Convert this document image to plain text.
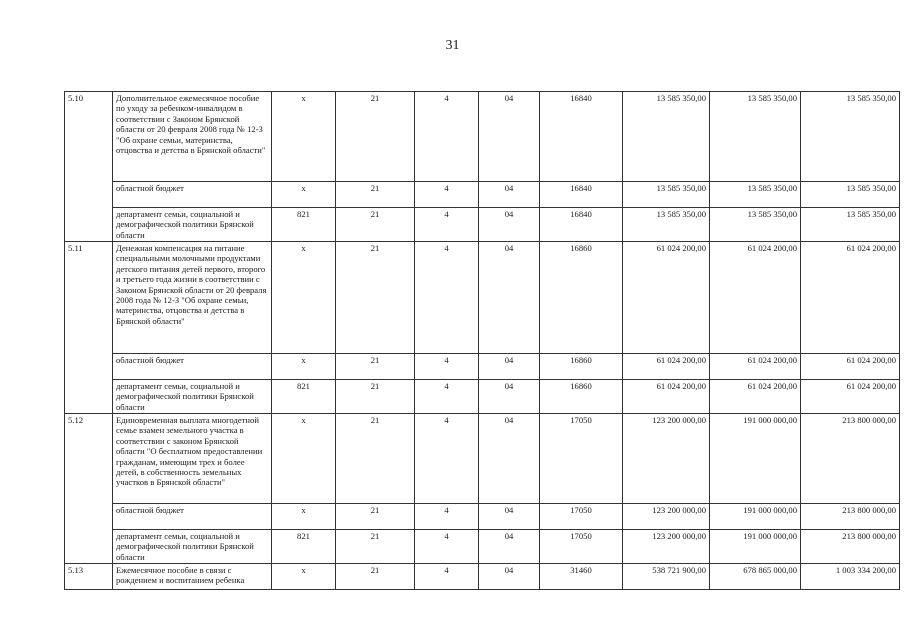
31
5.10	Дополнительное ежемесячное пособие по уходу за ребенком-инвалидом в соответствии с Законом Брянской области от 20 февраля 2008 года № 12-З "Об охране семьи, материнства, отцовства и детства в Брянской области"	x	21	4	04	16840	13 585 350,00	13 585 350,00	13 585 350,00
	областной бюджет	x	21	4	04	16840	13 585 350,00	13 585 350,00	13 585 350,00
	департамент семьи, социальной и демографической политики Брянской области	821	21	4	04	16840	13 585 350,00	13 585 350,00	13 585 350,00
5.11	Денежная компенсация на питание специальными молочными продуктами детского питания детей первого, второго и третьего года жизни в соответствии с Законом Брянской области от 20 февраля 2008 года № 12-З "Об охране семьи, материнства, отцовства и детства в Брянской области"	x	21	4	04	16860	61 024 200,00	61 024 200,00	61 024 200,00
	областной бюджет	x	21	4	04	16860	61 024 200,00	61 024 200,00	61 024 200,00
	департамент семьи, социальной и демографической политики Брянской области	821	21	4	04	16860	61 024 200,00	61 024 200,00	61 024 200,00
5.12	Единовременная выплата многодетной семье взамен земельного участка в соответствии с законом Брянской области "О бесплатном предоставлении гражданам, имеющим трех и более детей, в собственность земельных участков в Брянской области"	x	21	4	04	17050	123 200 000,00	191 000 000,00	213 800 000,00
	областной бюджет	x	21	4	04	17050	123 200 000,00	191 000 000,00	213 800 000,00
	департамент семьи, социальной и демографической политики Брянской области	821	21	4	04	17050	123 200 000,00	191 000 000,00	213 800 000,00
5.13	Ежемесячное пособие в связи с рождением и воспитанием ребенка	x	21	4	04	31460	538 721 900,00	678 865 000,00	1 003 334 200,00
